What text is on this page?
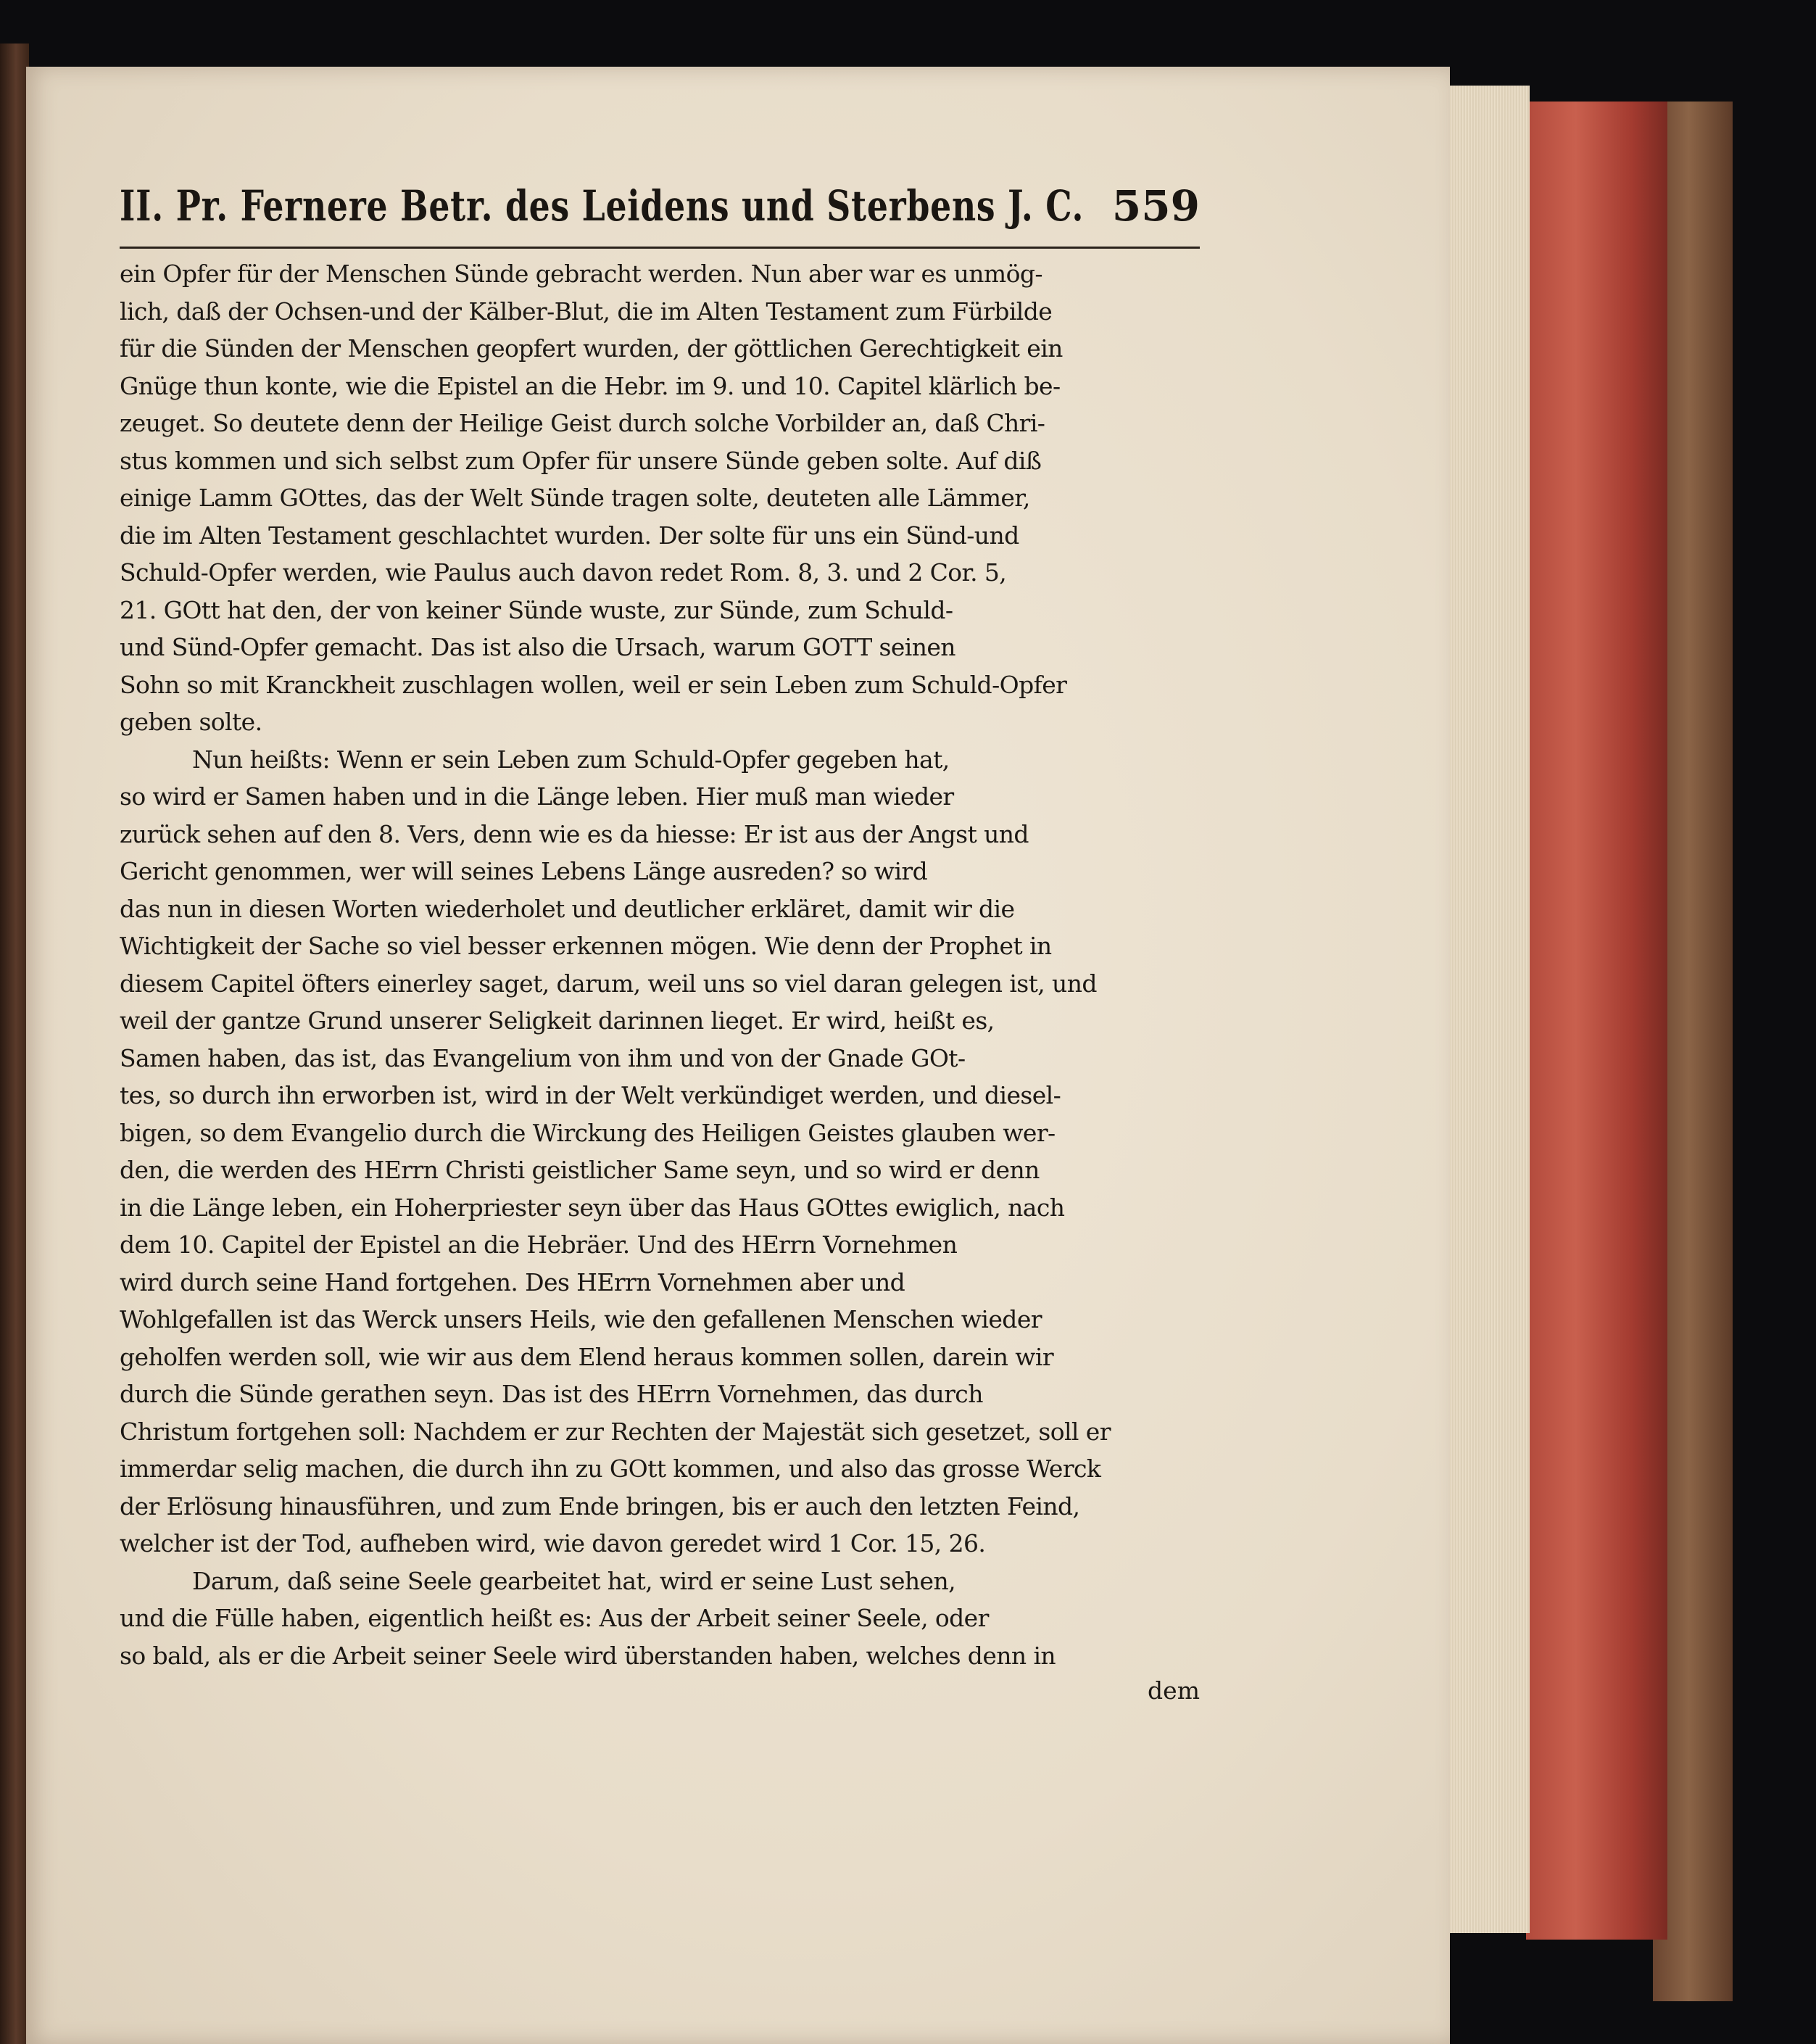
II. Pr. Fernere Betr. des Leidens und Sterbens J. C. 559
ein Opfer für der Menschen Sünde gebracht werden. Nun aber war es unmög-
lich, daß der Ochsen-und der Kälber-Blut, die im Alten Testament zum Fürbilde
für die Sünden der Menschen geopfert wurden, der göttlichen Gerechtigkeit ein
Gnüge thun konte, wie die Epistel an die Hebr. im 9. und 10. Capitel klärlich be-
zeuget. So deutete denn der Heilige Geist durch solche Vorbilder an, daß Chri-
stus kommen und sich selbst zum Opfer für unsere Sünde geben solte. Auf diß
einige Lamm GOttes, das der Welt Sünde tragen solte, deuteten alle Lämmer,
die im Alten Testament geschlachtet wurden. Der solte für uns ein Sünd-und
Schuld-Opfer werden, wie Paulus auch davon redet Rom. 8, 3. und 2 Cor. 5,
21. GOtt hat den, der von keiner Sünde wuste, zur Sünde, zum Schuld-
und Sünd-Opfer gemacht. Das ist also die Ursach, warum GOTT seinen
Sohn so mit Kranckheit zuschlagen wollen, weil er sein Leben zum Schuld-Opfer
geben solte.
Nun heißts: Wenn er sein Leben zum Schuld-Opfer gegeben hat,
so wird er Samen haben und in die Länge leben. Hier muß man wieder
zurück sehen auf den 8. Vers, denn wie es da hiesse: Er ist aus der Angst und
Gericht genommen, wer will seines Lebens Länge ausreden? so wird
das nun in diesen Worten wiederholet und deutlicher erkläret, damit wir die
Wichtigkeit der Sache so viel besser erkennen mögen. Wie denn der Prophet in
diesem Capitel öfters einerley saget, darum, weil uns so viel daran gelegen ist, und
weil der gantze Grund unserer Seligkeit darinnen lieget. Er wird, heißt es,
Samen haben, das ist, das Evangelium von ihm und von der Gnade GOt-
tes, so durch ihn erworben ist, wird in der Welt verkündiget werden, und diesel-
bigen, so dem Evangelio durch die Wirckung des Heiligen Geistes glauben wer-
den, die werden des HErrn Christi geistlicher Same seyn, und so wird er denn
in die Länge leben, ein Hoherpriester seyn über das Haus GOttes ewiglich, nach
dem 10. Capitel der Epistel an die Hebräer. Und des HErrn Vornehmen
wird durch seine Hand fortgehen. Des HErrn Vornehmen aber und
Wohlgefallen ist das Werck unsers Heils, wie den gefallenen Menschen wieder
geholfen werden soll, wie wir aus dem Elend heraus kommen sollen, darein wir
durch die Sünde gerathen seyn. Das ist des HErrn Vornehmen, das durch
Christum fortgehen soll: Nachdem er zur Rechten der Majestät sich gesetzet, soll er
immerdar selig machen, die durch ihn zu GOtt kommen, und also das grosse Werck
der Erlösung hinausführen, und zum Ende bringen, bis er auch den letzten Feind,
welcher ist der Tod, aufheben wird, wie davon geredet wird 1 Cor. 15, 26.
Darum, daß seine Seele gearbeitet hat, wird er seine Lust sehen,
und die Fülle haben, eigentlich heißt es: Aus der Arbeit seiner Seele, oder
so bald, als er die Arbeit seiner Seele wird überstanden haben, welches denn in
dem
